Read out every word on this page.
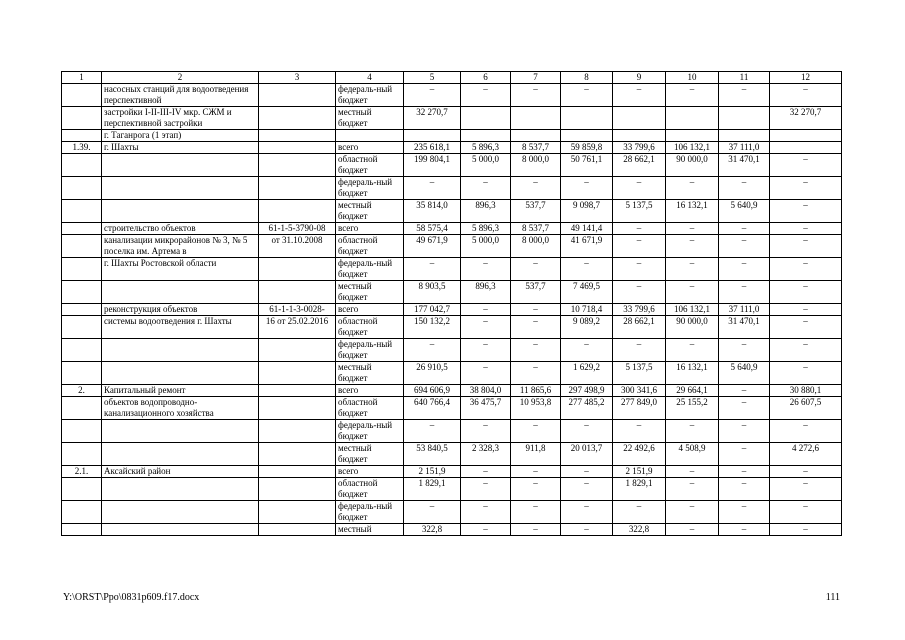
1	2	3	4	5	6	7	8	9	10	11	12
	насосных станций для водоотведения перспективной		федераль-ный бюджет	–	–	–	–	–	–	–	–
	застройки I-II-III-IV мкр. СЖМ и перспективной застройки		местный бюджет	32 270,7							32 270,7
	г. Таганрога (1 этап)										
1.39.	г. Шахты		всего	235 618,1	5 896,3	8 537,7	59 859,8	33 799,6	106 132,1	37 111,0	
			областной бюджет	199 804,1	5 000,0	8 000,0	50 761,1	28 662,1	90 000,0	31 470,1	–
			федераль-ный бюджет	–	–	–	–	–	–	–	–
			местный бюджет	35 814,0	896,3	537,7	9 098,7	5 137,5	16 132,1	5 640,9	–
	строительство объектов	61-1-5-3790-08	всего	58 575,4	5 896,3	8 537,7	49 141,4	–	–	–	–
	канализации микрорайонов № 3, № 5 поселка им. Артема в	от 31.10.2008	областной бюджет	49 671,9	5 000,0	8 000,0	41 671,9	–	–	–	–
	г. Шахты Ростовской области		федераль-ный бюджет	–	–	–	–	–	–	–	–
			местный бюджет	8 903,5	896,3	537,7	7 469,5	–	–	–	–
	реконструкция объектов	61-1-1-3-0028-	всего	177 042,7	–	–	10 718,4	33 799,6	106 132,1	37 111,0	–
	системы водоотведения г. Шахты	16 от 25.02.2016	областной бюджет	150 132,2	–	–	9 089,2	28 662,1	90 000,0	31 470,1	–
			федераль-ный бюджет	–	–	–	–	–	–	–	–
			местный бюджет	26 910,5	–	–	1 629,2	5 137,5	16 132,1	5 640,9	–
2.	Капитальный ремонт		всего	694 606,9	38 804,0	11 865,6	297 498,9	300 341,6	29 664,1	–	30 880,1
	объектов водопроводно-канализационного хозяйства		областной бюджет	640 766,4	36 475,7	10 953,8	277 485,2	277 849,0	25 155,2	–	26 607,5
			федераль-ный бюджет	–	–	–	–	–	–	–	–
			местный бюджет	53 840,5	2 328,3	911,8	20 013,7	22 492,6	4 508,9	–	4 272,6
2.1.	Аксайский район		всего	2 151,9	–	–	–	2 151,9	–	–	–
			областной бюджет	1 829,1	–	–	–	1 829,1	–	–	–
			федераль-ный бюджет	–	–	–	–	–	–	–	–
			местный	322,8	–	–	–	322,8	–	–	–
Y:\ORST\Ppo\0831p609.f17.docx	111
